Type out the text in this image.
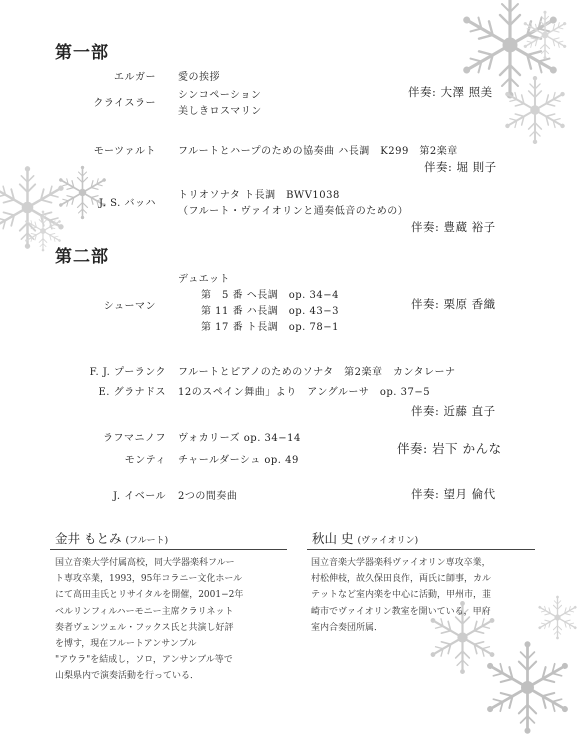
第一部
エルガー 愛の挨拶
クライスラー
シンコペーション
美しきロスマリン
伴奏: 大澤 照美
モーツァルト フルートとハープのための協奏曲 ハ長調　K299　第2楽章
伴奏: 堀 則子
J. S. バッハ
トリオソナタ ト長調　BWV1038
（フルート・ヴァイオリンと通奏低音のための）
伴奏: 豊蔵 裕子
第二部
デュエット
シューマン
第　5 番 ヘ長調　op. 34−4
第 11 番 ハ長調　op. 43−3
第 17 番 ト長調　op. 78−1
伴奏: 栗原 香織
F. J. プーランク フルートとピアノのためのソナタ　第2楽章　カンタレーナ
E. グラナドス 12のスペイン舞曲」より　アングルーサ　op. 37−5
伴奏: 近藤 直子
ラフマニノフ ヴォカリーズ op. 34−14
モンティ チャールダーシュ op. 49
伴奏: 岩下 かんな
J. イベール 2つの間奏曲	伴奏: 望月 倫代
金井 もとみ (フルート)
国立音楽大学付属高校，同大学器楽科フルー
ト専攻卒業，1993，95年コラニー文化ホール
にて高田圭氏とリサイタルを開催，2001−2年
ベルリンフィルハーモニー主席クラリネット
奏者ヴェンツェル・フックス氏と共演し好評
を博す，現在フルートアンサンブル
"アウラ"を結成し，ソロ，アンサンブル等で
山梨県内で演奏活動を行っている．
秋山 史 (ヴァイオリン)
国立音楽大学器楽科ヴァイオリン専攻卒業，
村松伸枝，故久保田良作，両氏に師事，カル
テットなど室内楽を中心に活動，甲州市，韮
崎市でヴァイオリン教室を開いている，甲府
室内合奏団所属．
